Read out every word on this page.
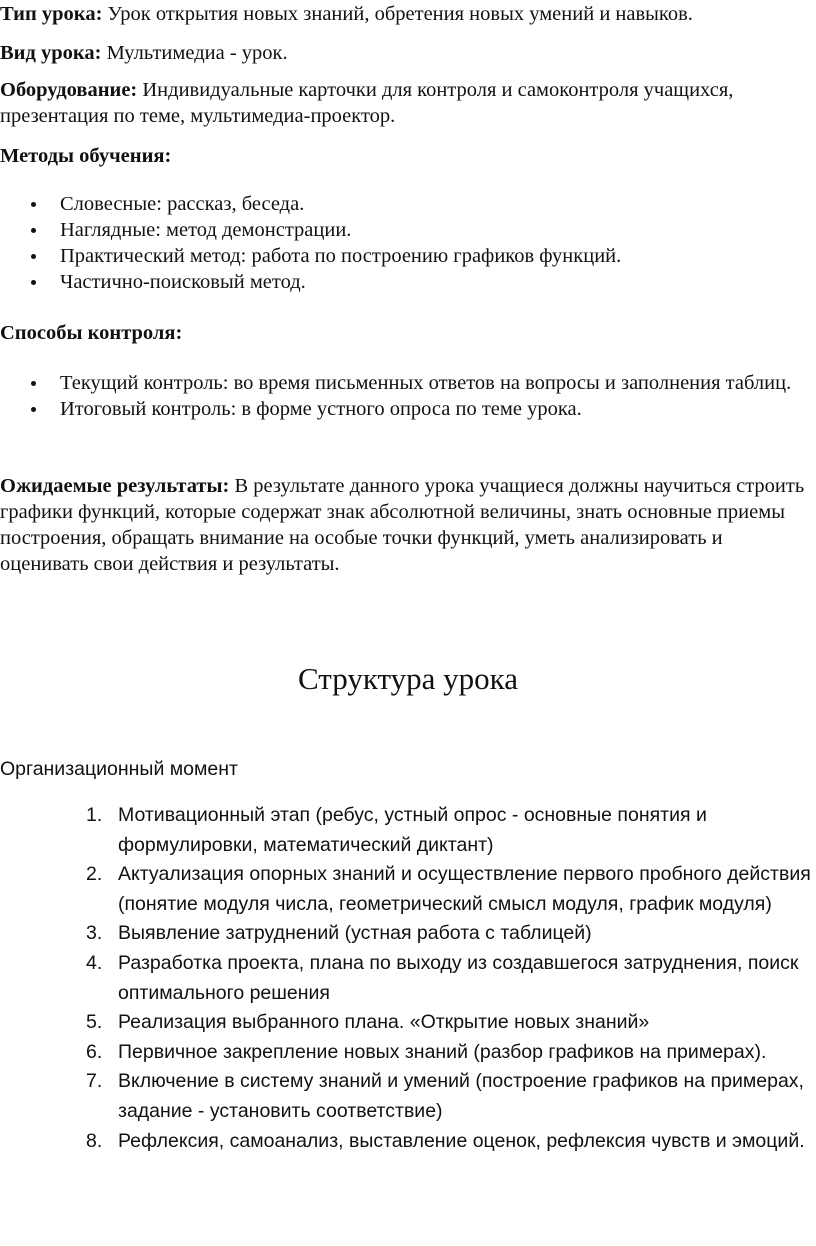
Тип урока: Урок открытия новых знаний, обретения новых умений и навыков.

Вид урока: Мультимедиа - урок.

Оборудование: Индивидуальные карточки для контроля и самоконтроля учащихся, презентация по теме, мультимедиа-проектор.

Методы обучения:

Словесные: рассказ, беседа.
Наглядные: метод демонстрации.
Практический метод: работа по построению графиков функций.
Частично-поисковый метод.

Способы контроля:

Текущий контроль: во время письменных ответов на вопросы и заполнения таблиц.
Итоговый контроль: в форме устного опроса по теме урока.

Ожидаемые результаты: В результате данного урока учащиеся должны научиться строить графики функций, которые содержат знак абсолютной величины, знать основные приемы построения, обращать внимание на особые точки функций, уметь анализировать и оценивать свои действия и результаты.

Структура урока

Организационный момент

1. Мотивационный этап (ребус, устный опрос - основные понятия и формулировки, математический диктант)
2. Актуализация опорных знаний и осуществление первого пробного действия (понятие модуля числа, геометрический смысл модуля, график модуля)
3. Выявление затруднений (устная работа с таблицей)
4. Разработка проекта, плана по выходу из создавшегося затруднения, поиск оптимального решения
5. Реализация выбранного плана. «Открытие новых знаний»
6. Первичное закрепление новых знаний (разбор графиков на примерах).
7. Включение в систему знаний и умений (построение графиков на примерах, задание - установить соответствие)
8. Рефлексия, самоанализ, выставление оценок, рефлексия чувств и эмоций.
